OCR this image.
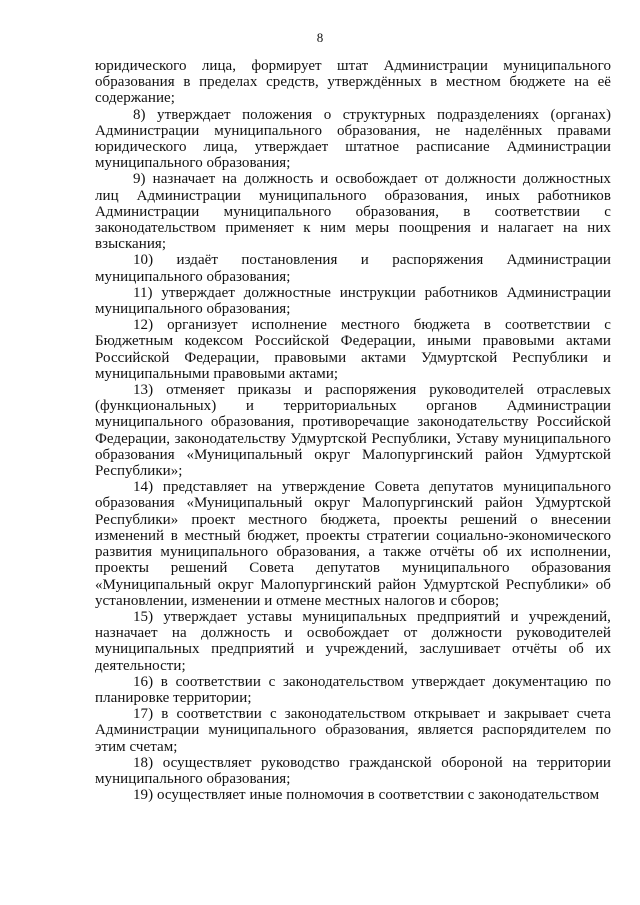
8

юридического лица, формирует штат Администрации муниципального образования в пределах средств, утверждённых в местном бюджете на её содержание;

8) утверждает положения о структурных подразделениях (органах) Администрации муниципального образования, не наделённых правами юридического лица, утверждает штатное расписание Администрации муниципального образования;

9) назначает на должность и освобождает от должности должностных лиц Администрации муниципального образования, иных работников Администрации муниципального образования, в соответствии с законодательством применяет к ним меры поощрения и налагает на них взыскания;

10) издаёт постановления и распоряжения Администрации муниципального образования;

11) утверждает должностные инструкции работников Администрации муниципального образования;

12) организует исполнение местного бюджета в соответствии с Бюджетным кодексом Российской Федерации, иными правовыми актами Российской Федерации, правовыми актами Удмуртской Республики и муниципальными правовыми актами;

13) отменяет приказы и распоряжения руководителей отраслевых (функциональных) и территориальных органов Администрации муниципального образования, противоречащие законодательству Российской Федерации, законодательству Удмуртской Республики, Уставу муниципального образования «Муниципальный округ Малопургинский район Удмуртской Республики»;

14) представляет на утверждение Совета депутатов муниципального образования «Муниципальный округ Малопургинский район Удмуртской Республики» проект местного бюджета, проекты решений о внесении изменений в местный бюджет, проекты стратегии социально-экономического развития муниципального образования, а также отчёты об их исполнении, проекты решений Совета депутатов муниципального образования «Муниципальный округ Малопургинский район Удмуртской Республики» об установлении, изменении и отмене местных налогов и сборов;

15) утверждает уставы муниципальных предприятий и учреждений, назначает на должность и освобождает от должности руководителей муниципальных предприятий и учреждений, заслушивает отчёты об их деятельности;

16) в соответствии с законодательством утверждает документацию по планировке территории;

17) в соответствии с законодательством открывает и закрывает счета Администрации муниципального образования, является распорядителем по этим счетам;

18) осуществляет руководство гражданской обороной на территории муниципального образования;

19) осуществляет иные полномочия в соответствии с законодательством
